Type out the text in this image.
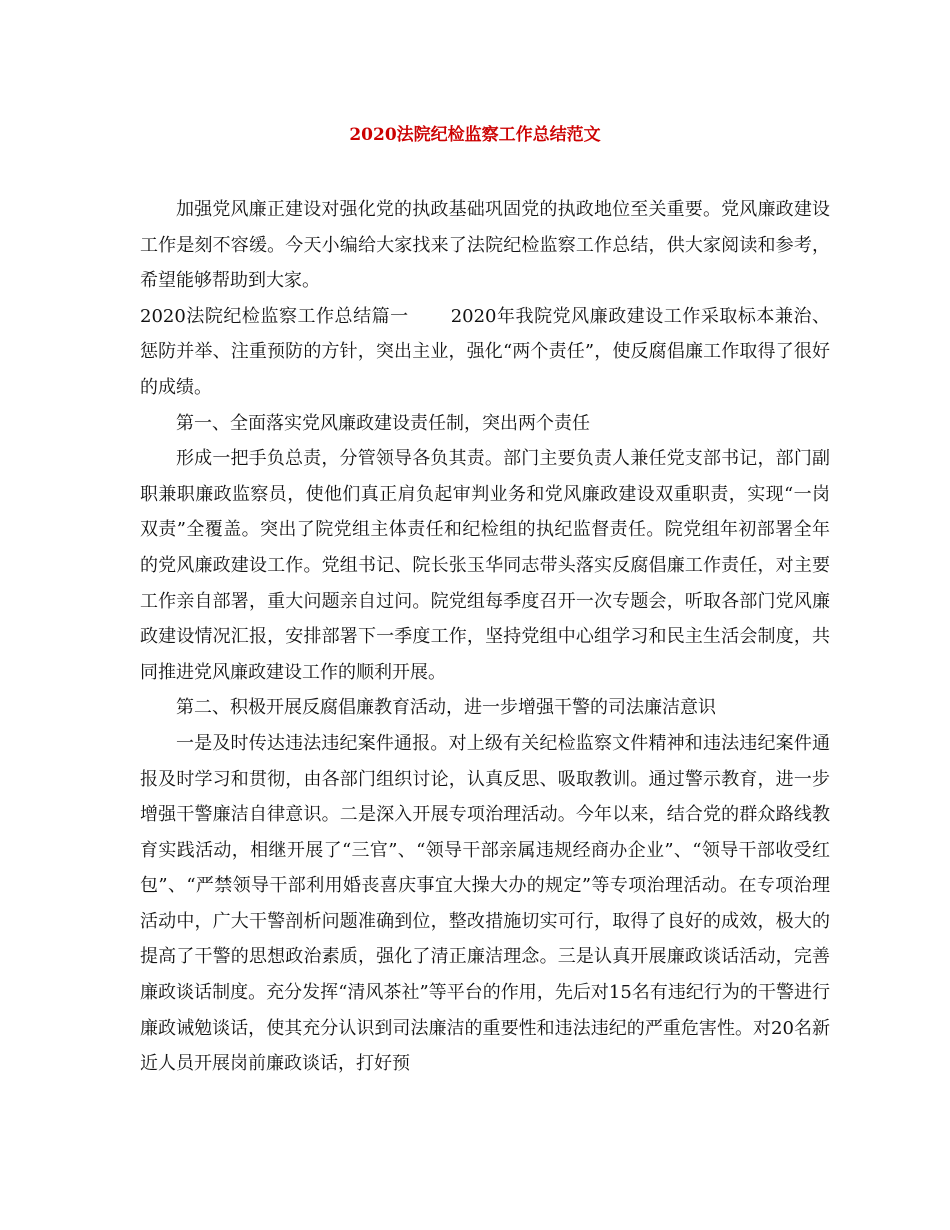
2020法院纪检监察工作总结范文

加强党风廉正建设对强化党的执政基础巩固党的执政地位至关重要。党风廉政建设工作是刻不容缓。今天小编给大家找来了法院纪检监察工作总结，供大家阅读和参考，希望能够帮助到大家。

2020法院纪检监察工作总结篇一 2020年我院党风廉政建设工作采取标本兼治、惩防并举、注重预防的方针，突出主业，强化“两个责任”，使反腐倡廉工作取得了很好的成绩。

第一、全面落实党风廉政建设责任制，突出两个责任

形成一把手负总责，分管领导各负其责。部门主要负责人兼任党支部书记，部门副职兼职廉政监察员，使他们真正肩负起审判业务和党风廉政建设双重职责，实现“一岗双责”全覆盖。突出了院党组主体责任和纪检组的执纪监督责任。院党组年初部署全年的党风廉政建设工作。党组书记、院长张玉华同志带头落实反腐倡廉工作责任，对主要工作亲自部署，重大问题亲自过问。院党组每季度召开一次专题会，听取各部门党风廉政建设情况汇报，安排部署下一季度工作，坚持党组中心组学习和民主生活会制度，共同推进党风廉政建设工作的顺利开展。

第二、积极开展反腐倡廉教育活动，进一步增强干警的司法廉洁意识

一是及时传达违法违纪案件通报。对上级有关纪检监察文件精神和违法违纪案件通报及时学习和贯彻，由各部门组织讨论，认真反思、吸取教训。通过警示教育，进一步增强干警廉洁自律意识。二是深入开展专项治理活动。今年以来，结合党的群众路线教育实践活动，相继开展了“三官”、“领导干部亲属违规经商办企业”、“领导干部收受红包”、“严禁领导干部利用婚丧喜庆事宜大操大办的规定”等专项治理活动。在专项治理活动中，广大干警剖析问题准确到位，整改措施切实可行，取得了良好的成效，极大的提高了干警的思想政治素质，强化了清正廉洁理念。三是认真开展廉政谈话活动，完善廉政谈话制度。充分发挥“清风茶社”等平台的作用，先后对15名有违纪行为的干警进行廉政诫勉谈话，使其充分认识到司法廉洁的重要性和违法违纪的严重危害性。对20名新近人员开展岗前廉政谈话，打好预
